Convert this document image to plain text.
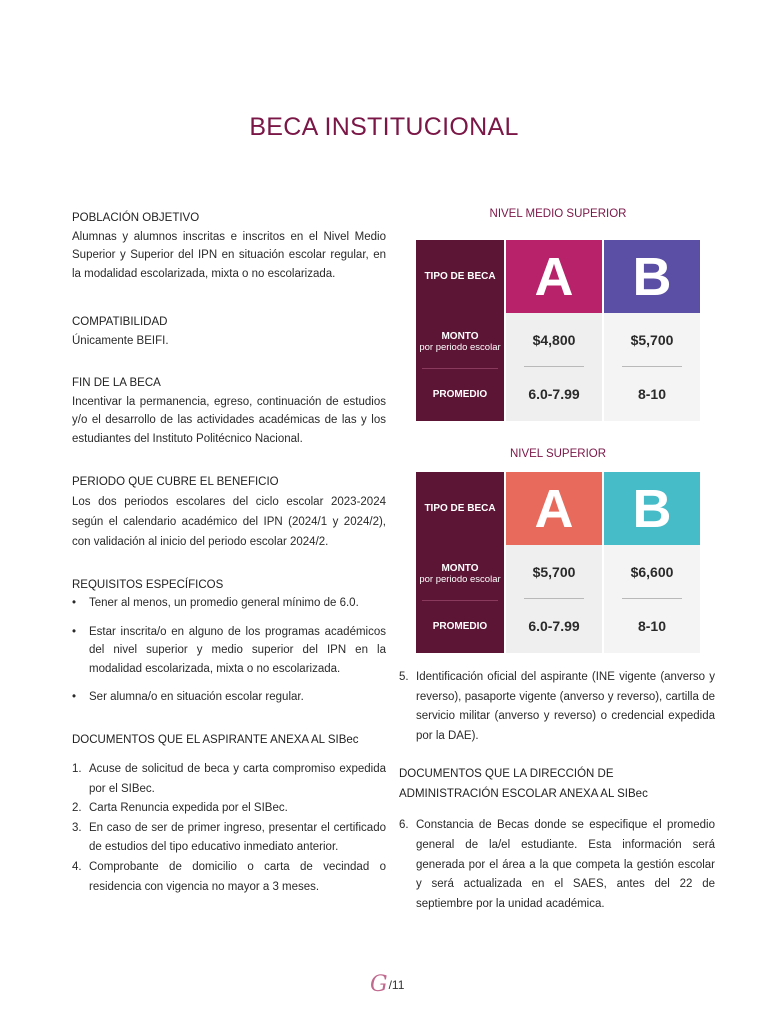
BECA INSTITUCIONAL
POBLACIÓN OBJETIVO

Alumnas y alumnos inscritas e inscritos en el Nivel Medio Superior y Superior del IPN en situación escolar regular, en la modalidad escolarizada, mixta o no escolarizada.

COMPATIBILIDAD

Únicamente BEIFI.

FIN DE LA BECA

Incentivar la permanencia, egreso, continuación de estudios y/o el desarrollo de las actividades académicas de las y los estudiantes del Instituto Politécnico Nacional.

PERIODO QUE CUBRE EL BENEFICIO

Los dos periodos escolares del ciclo escolar 2023-2024 según el calendario académico del IPN (2024/1 y 2024/2), con validación al inicio del periodo escolar 2024/2.

REQUISITOS ESPECÍFICOS
• Tener al menos, un promedio general mínimo de 6.0.
• Estar inscrita/o en alguno de los programas académicos del nivel superior y medio superior del IPN en la modalidad escolarizada, mixta o no escolarizada.
• Ser alumna/o en situación escolar regular.
DOCUMENTOS QUE EL ASPIRANTE ANEXA AL SIBec
1. Acuse de solicitud de beca y carta compromiso expedida por el SIBec.
2. Carta Renuncia expedida por el SIBec.
3. En caso de ser de primer ingreso, presentar el certificado de estudios del tipo educativo inmediato anterior.
4. Comprobante de domicilio o carta de vecindad o residencia con vigencia no mayor a 3 meses.
NIVEL MEDIO SUPERIOR
TIPO DE BECA
MONTO
por periodo escolar
PROMEDIO
A
$4,800
6.0-7.99
B
$5,700
8-10
NIVEL SUPERIOR
TIPO DE BECA
MONTO
por periodo escolar
PROMEDIO
A
$5,700
6.0-7.99
B
$6,600
8-10
5. Identificación oficial del aspirante (INE vigente (anverso y reverso), pasaporte vigente (anverso y reverso), cartilla de servicio militar (anverso y reverso) o credencial expedida por la DAE).
DOCUMENTOS QUE LA DIRECCIÓN DE ADMINISTRACIÓN ESCOLAR ANEXA AL SIBec
6. Constancia de Becas donde se especifique el promedio general de la/el estudiante. Esta información será generada por el área a la que competa la gestión escolar y será actualizada en el SAES, antes del 22 de septiembre por la unidad académica.
G /11
